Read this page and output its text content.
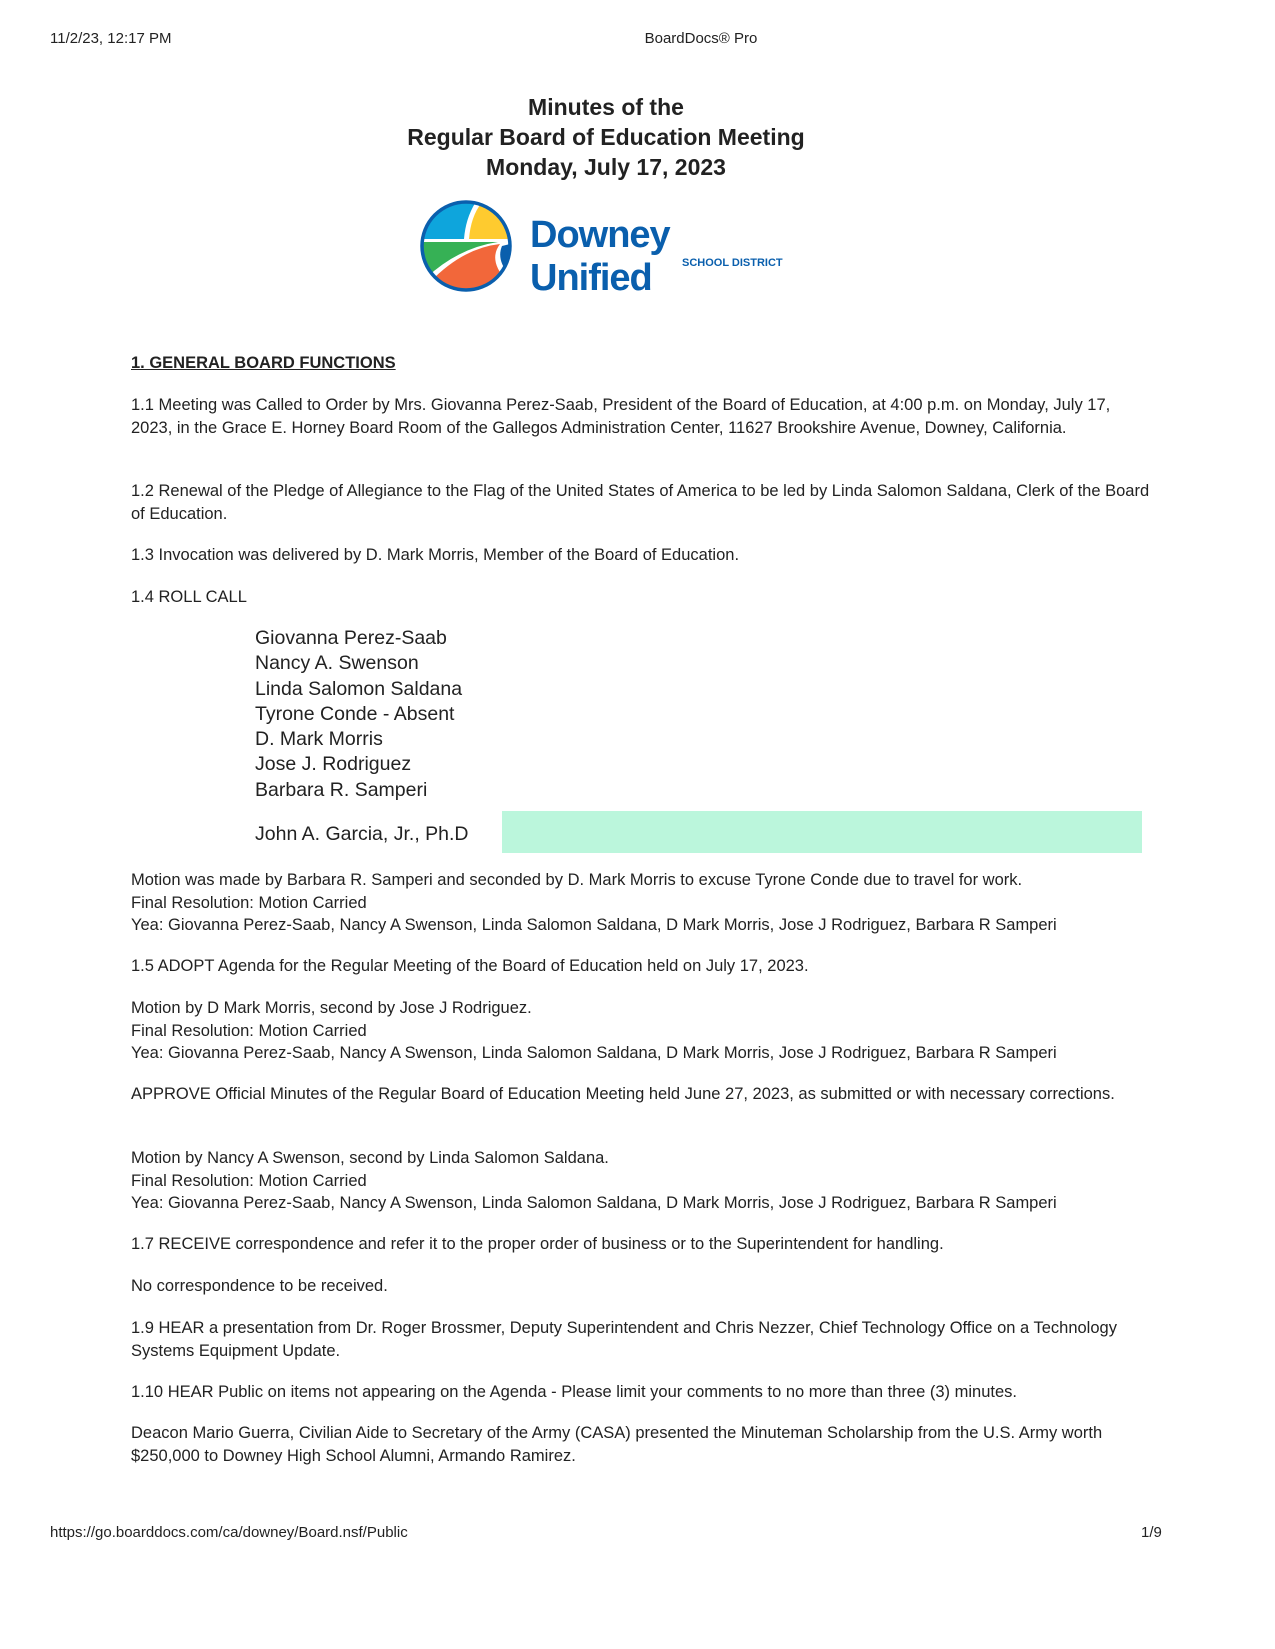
11/2/23, 12:17 PM	BoardDocs® Pro
Minutes of the
Regular Board of Education Meeting
Monday, July 17, 2023
Downey Unified	SCHOOL DISTRICT
1. GENERAL BOARD FUNCTIONS
1.1 Meeting was Called to Order by Mrs. Giovanna Perez-Saab, President of the Board of Education, at 4:00 p.m. on Monday, July 17, 2023, in the Grace E. Horney Board Room of the Gallegos Administration Center, 11627 Brookshire Avenue, Downey, California.
1.2 Renewal of the Pledge of Allegiance to the Flag of the United States of America to be led by Linda Salomon Saldana, Clerk of the Board of Education.
1.3 Invocation was delivered by D. Mark Morris, Member of the Board of Education.
1.4 ROLL CALL
Giovanna Perez-Saab
Nancy A. Swenson
Linda Salomon Saldana
Tyrone Conde - Absent
D. Mark Morris
Jose J. Rodriguez
Barbara R. Samperi
John A. Garcia, Jr., Ph.D
Motion was made by Barbara R. Samperi and seconded by D. Mark Morris to excuse Tyrone Conde due to travel for work.
Final Resolution: Motion Carried
Yea: Giovanna Perez-Saab, Nancy A Swenson, Linda Salomon Saldana, D Mark Morris, Jose J Rodriguez, Barbara R Samperi
1.5 ADOPT Agenda for the Regular Meeting of the Board of Education held on July 17, 2023.
Motion by D Mark Morris, second by Jose J Rodriguez.
Final Resolution: Motion Carried
Yea: Giovanna Perez-Saab, Nancy A Swenson, Linda Salomon Saldana, D Mark Morris, Jose J Rodriguez, Barbara R Samperi
APPROVE Official Minutes of the Regular Board of Education Meeting held June 27, 2023, as submitted or with necessary corrections.
Motion by Nancy A Swenson, second by Linda Salomon Saldana.
Final Resolution: Motion Carried
Yea: Giovanna Perez-Saab, Nancy A Swenson, Linda Salomon Saldana, D Mark Morris, Jose J Rodriguez, Barbara R Samperi
1.7 RECEIVE correspondence and refer it to the proper order of business or to the Superintendent for handling.
No correspondence to be received.
1.9 HEAR a presentation from Dr. Roger Brossmer, Deputy Superintendent and Chris Nezzer, Chief Technology Office on a Technology Systems Equipment Update.
1.10 HEAR Public on items not appearing on the Agenda - Please limit your comments to no more than three (3) minutes.
Deacon Mario Guerra, Civilian Aide to Secretary of the Army (CASA) presented the Minuteman Scholarship from the U.S. Army worth $250,000 to Downey High School Alumni, Armando Ramirez.
https://go.boarddocs.com/ca/downey/Board.nsf/Public	1/9
